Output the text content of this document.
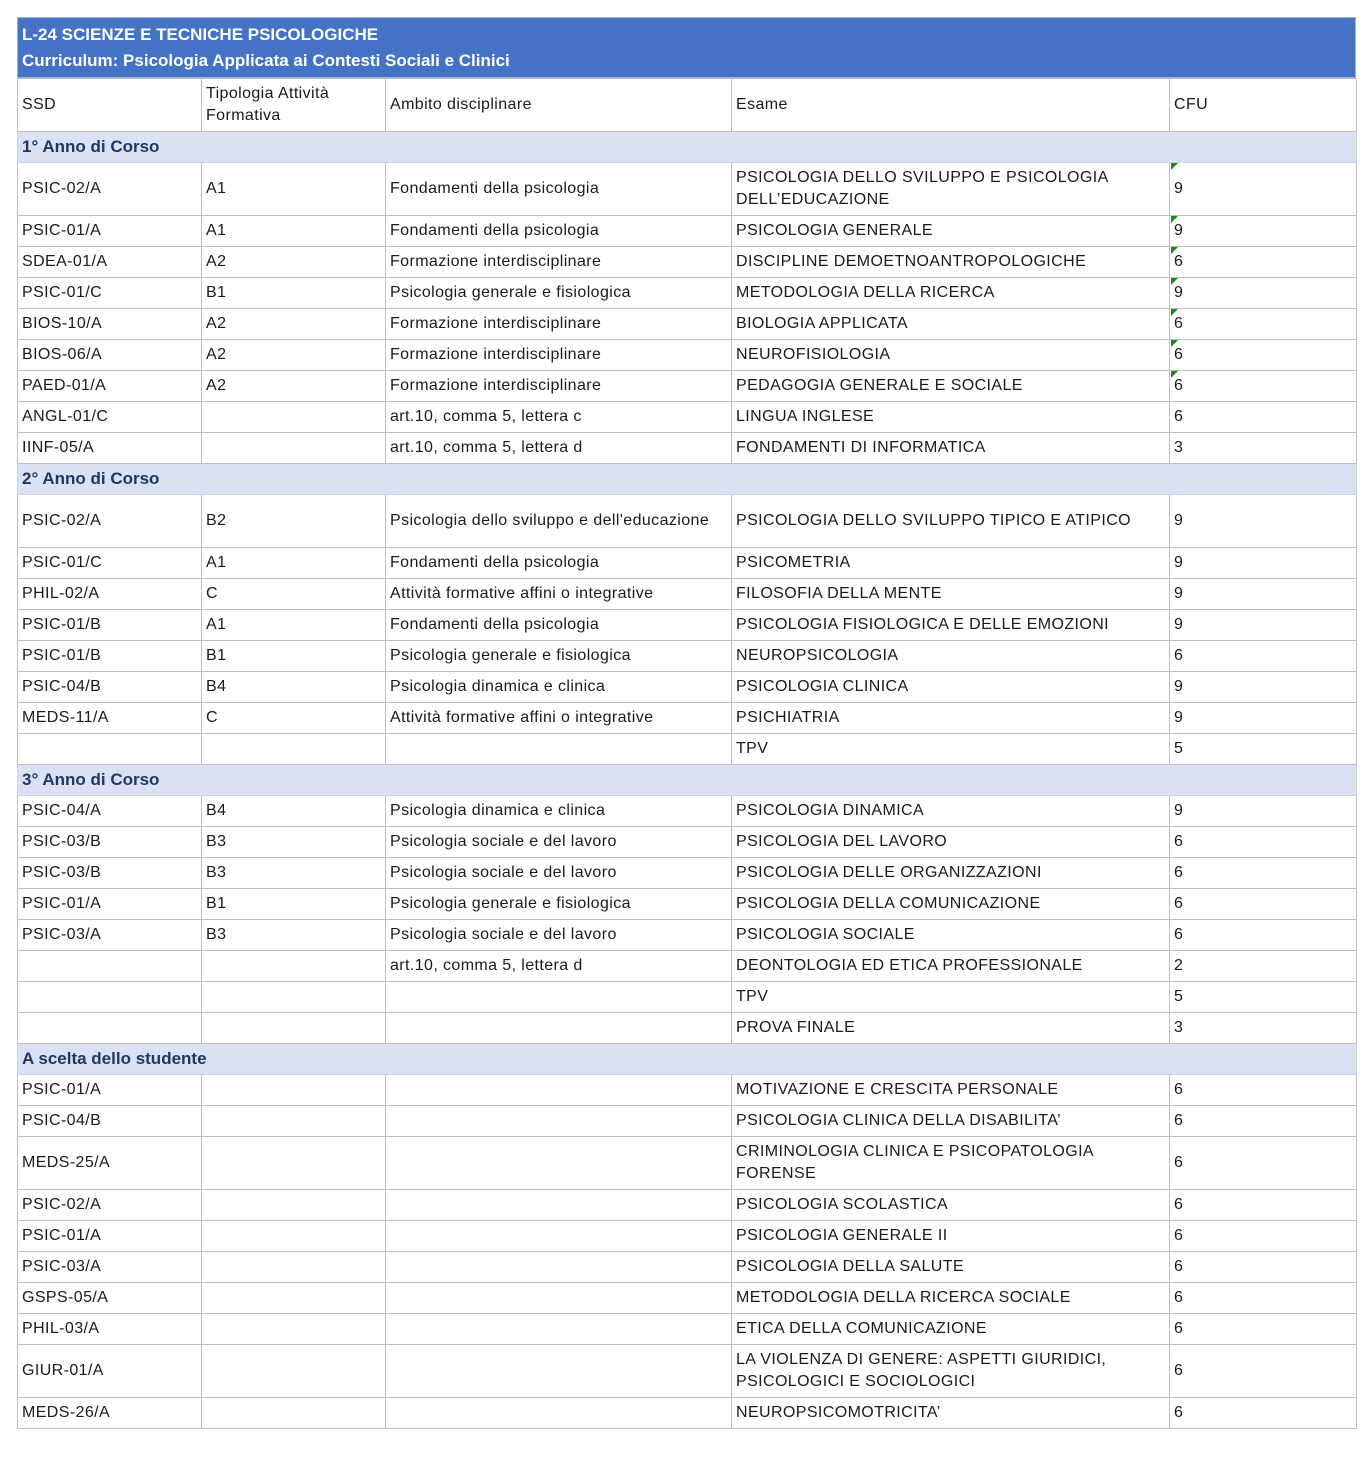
L-24 SCIENZE E TECNICHE PSICOLOGICHE
Curriculum: Psicologia Applicata ai Contesti Sociali e Clinici
SSD	Tipologia Attività Formativa	Ambito disciplinare	Esame	CFU
1° Anno di Corso				
PSIC-02/A	A1	Fondamenti della psicologia	PSICOLOGIA DELLO SVILUPPO E PSICOLOGIA DELL’EDUCAZIONE	9
PSIC-01/A	A1	Fondamenti della psicologia	PSICOLOGIA GENERALE	9
SDEA-01/A	A2	Formazione interdisciplinare	DISCIPLINE DEMOETNOANTROPOLOGICHE	6
PSIC-01/C	B1	Psicologia generale e fisiologica	METODOLOGIA DELLA RICERCA	9
BIOS-10/A	A2	Formazione interdisciplinare	BIOLOGIA APPLICATA	6
BIOS-06/A	A2	Formazione interdisciplinare	NEUROFISIOLOGIA	6
PAED-01/A	A2	Formazione interdisciplinare	PEDAGOGIA GENERALE E SOCIALE	6
ANGL-01/C		art.10, comma 5, lettera c	LINGUA INGLESE	6
IINF-05/A		art.10, comma 5, lettera d	FONDAMENTI DI INFORMATICA	3
2° Anno di Corso				
PSIC-02/A	B2	Psicologia dello sviluppo e dell'educazione	PSICOLOGIA DELLO SVILUPPO TIPICO E ATIPICO	9
PSIC-01/C	A1	Fondamenti della psicologia	PSICOMETRIA	9
PHIL-02/A	C	Attività formative affini o integrative	FILOSOFIA DELLA MENTE	9
PSIC-01/B	A1	Fondamenti della psicologia	PSICOLOGIA FISIOLOGICA E DELLE EMOZIONI	9
PSIC-01/B	B1	Psicologia generale e fisiologica	NEUROPSICOLOGIA	6
PSIC-04/B	B4	Psicologia dinamica e clinica	PSICOLOGIA CLINICA	9
MEDS-11/A	C	Attività formative affini o integrative	PSICHIATRIA	9
			TPV	5
3° Anno di Corso				
PSIC-04/A	B4	Psicologia dinamica e clinica	PSICOLOGIA DINAMICA	9
PSIC-03/B	B3	Psicologia sociale e del lavoro	PSICOLOGIA DEL LAVORO	6
PSIC-03/B	B3	Psicologia sociale e del lavoro	PSICOLOGIA DELLE ORGANIZZAZIONI	6
PSIC-01/A	B1	Psicologia generale e fisiologica	PSICOLOGIA DELLA COMUNICAZIONE	6
PSIC-03/A	B3	Psicologia sociale e del lavoro	PSICOLOGIA SOCIALE	6
		art.10, comma 5, lettera d	DEONTOLOGIA ED ETICA PROFESSIONALE	2
			TPV	5
			PROVA FINALE	3
A scelta dello studente				
PSIC-01/A			MOTIVAZIONE E CRESCITA PERSONALE	6
PSIC-04/B			PSICOLOGIA CLINICA DELLA DISABILITA’	6
MEDS-25/A			CRIMINOLOGIA CLINICA E PSICOPATOLOGIA FORENSE	6
PSIC-02/A			PSICOLOGIA SCOLASTICA	6
PSIC-01/A			PSICOLOGIA GENERALE II	6
PSIC-03/A			PSICOLOGIA DELLA SALUTE	6
GSPS-05/A			METODOLOGIA DELLA RICERCA SOCIALE	6
PHIL-03/A			ETICA DELLA COMUNICAZIONE	6
GIUR-01/A			LA VIOLENZA DI GENERE: ASPETTI GIURIDICI, PSICOLOGICI E SOCIOLOGICI	6
MEDS-26/A			NEUROPSICOMOTRICITA’	6
